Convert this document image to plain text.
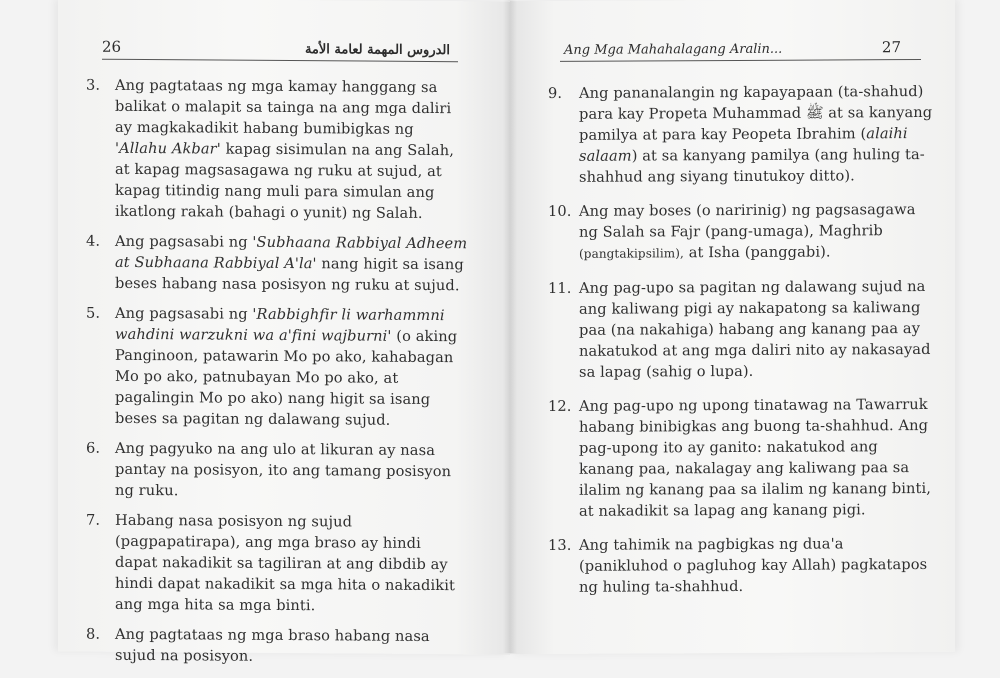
26	الدروس المهمة لعامة الأمة
3. Ang pagtataas ng mga kamay hanggang sa balikat o malapit sa tainga na ang mga daliri ay magkakadikit habang bumibigkas ng 'Allahu Akbar' kapag sisimulan na ang Salah, at kapag magsasagawa ng ruku at sujud, at kapag titindig nang muli para simulan ang ikatlong rakah (bahagi o yunit) ng Salah.
4. Ang pagsasabi ng 'Subhaana Rabbiyal Adheem at Subhaana Rabbiyal A'la' nang higit sa isang beses habang nasa posisyon ng ruku at sujud.
5. Ang pagsasabi ng 'Rabbighfir li warhammni wahdini warzukni wa a'fini wajburni' (o aking Panginoon, patawarin Mo po ako, kahabagan Mo po ako, patnubayan Mo po ako, at pagalingin Mo po ako) nang higit sa isang beses sa pagitan ng dalawang sujud.
6. Ang pagyuko na ang ulo at likuran ay nasa pantay na posisyon, ito ang tamang posisyon ng ruku.
7. Habang nasa posisyon ng sujud (pagpapatirapa), ang mga braso ay hindi dapat nakadikit sa tagiliran at ang dibdib ay hindi dapat nakadikit sa mga hita o nakadikit ang mga hita sa mga binti.
8. Ang pagtataas ng mga braso habang nasa sujud na posisyon.
Ang Mga Mahahalagang Aralin...	27
9. Ang pananalangin ng kapayapaan (ta-shahud) para kay Propeta Muhammad ﷺ at sa kanyang pamilya at para kay Peopeta Ibrahim (alaihi salaam) at sa kanyang pamilya (ang huling ta-shahhud ang siyang tinutukoy ditto).
10. Ang may boses (o naririnig) ng pagsasagawa ng Salah sa Fajr (pang-umaga), Maghrib (pangtakipsilim), at Isha (panggabi).
11. Ang pag-upo sa pagitan ng dalawang sujud na ang kaliwang pigi ay nakapatong sa kaliwang paa (na nakahiga) habang ang kanang paa ay nakatukod at ang mga daliri nito ay nakasayad sa lapag (sahig o lupa).
12. Ang pag-upo ng upong tinatawag na Tawarruk habang binibigkas ang buong ta-shahhud. Ang pag-upong ito ay ganito: nakatukod ang kanang paa, nakalagay ang kaliwang paa sa ilalim ng kanang paa sa ilalim ng kanang binti, at nakadikit sa lapag ang kanang pigi.
13. Ang tahimik na pagbigkas ng dua'a (panikluhod o pagluhog kay Allah) pagkatapos ng huling ta-shahhud.
